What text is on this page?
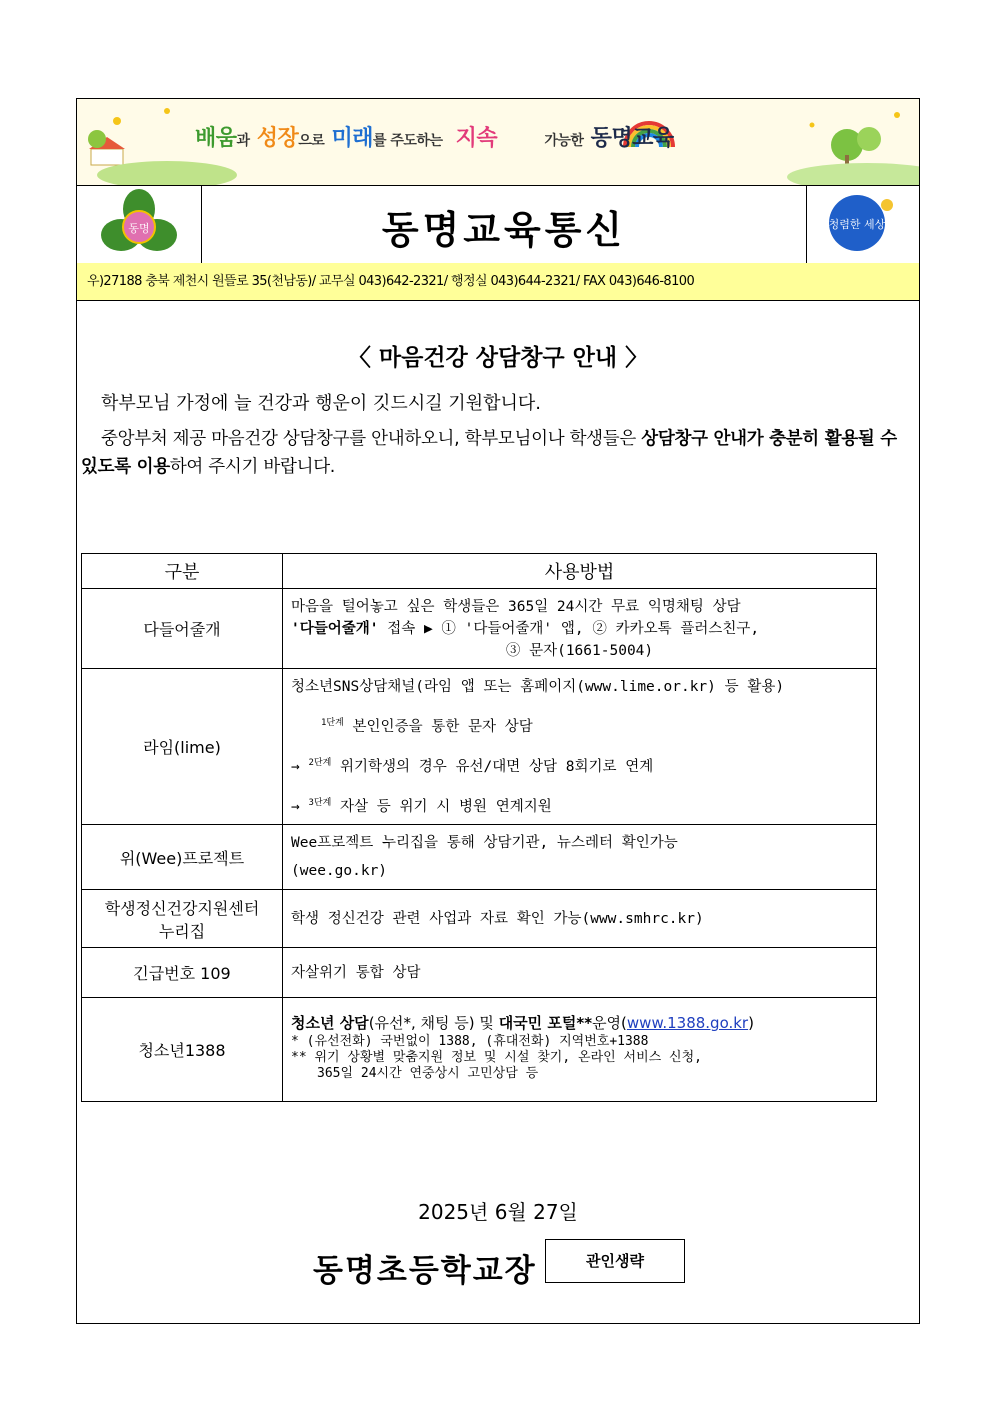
배움과 성장으로 미래를 주도하는 지속	가능한 동명교육
동명	동명교육통신	청렴한 세상
우)27188 충북 제천시 원뜰로 35(천남동)/ 교무실 043)642-2321/ 행정실 043)644-2321/ FAX 043)646-8100
〈 마음건강 상담창구 안내 〉
학부모님 가정에 늘 건강과 행운이 깃드시길 기원합니다.
중앙부처 제공 마음건강 상담창구를 안내하오니, 학부모님이나 학생들은 상담창구 안내가 충분히 활용될 수 있도록 이용하여 주시기 바랍니다.
구분	사용방법
다들어줄개	마음을 털어놓고 싶은 학생들은 365일 24시간 무료 익명채팅 상담
'다들어줄개' 접속 ▶ ① '다들어줄개' 앱, ② 카카오톡 플러스친구,
③ 문자(1661-5004)

라임(lime)	청소년SNS상담채널(라임 앱 또는 홈페이지(www.lime.or.kr) 등 활용)
$^{1단계}$ 본인인증을 통한 문자 상담
→ $^{2단계}$ 위기학생의 경우 유선/대면 상담 8회기로 연계
→ $^{3단계}$ 자살 등 위기 시 병원 연계지원

위(Wee)프로젝트	Wee프로젝트 누리집을 통해 상담기관, 뉴스레터 확인가능
(wee.go.kr)

학생정신건강지원센터
누리집	학생 정신건강 관련 사업과 자료 확인 가능(www.smhrc.kr)
긴급번호 109	자살위기 통합 상담
청소년1388	청소년 상담(유선*, 채팅 등) 및 대국민 포털**운영(www.1388.go.kr)
* (유선전화) 국번없이 1388, (휴대전화) 지역번호+1388
** 위기 상황별 맞춤지원 정보 및 시설 찾기, 온라인 서비스 신청,
365일 24시간 연중상시 고민상담 등
2025년 6월 27일
동명초등학교장	관인생략
